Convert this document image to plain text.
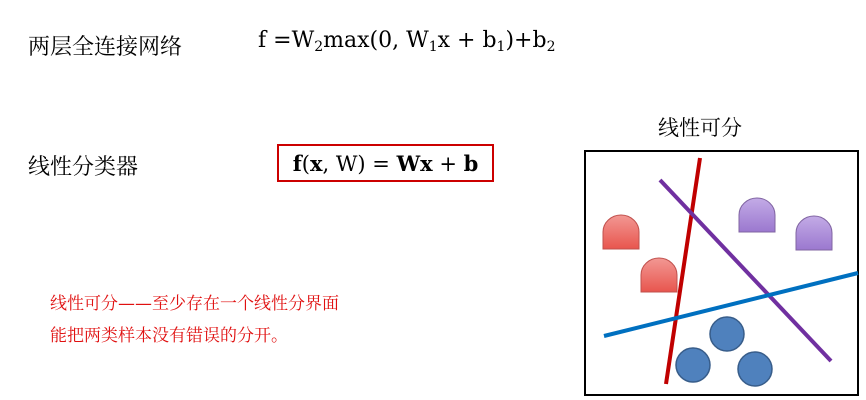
两层全连接网络	$f =W_2\max(0$, $W_1x + b_1)+b_2$
线性分类器	f(x, W) = Wx + b
线性可分——至少存在一个线性分界面
能把两类样本没有错误的分开。
线性可分
